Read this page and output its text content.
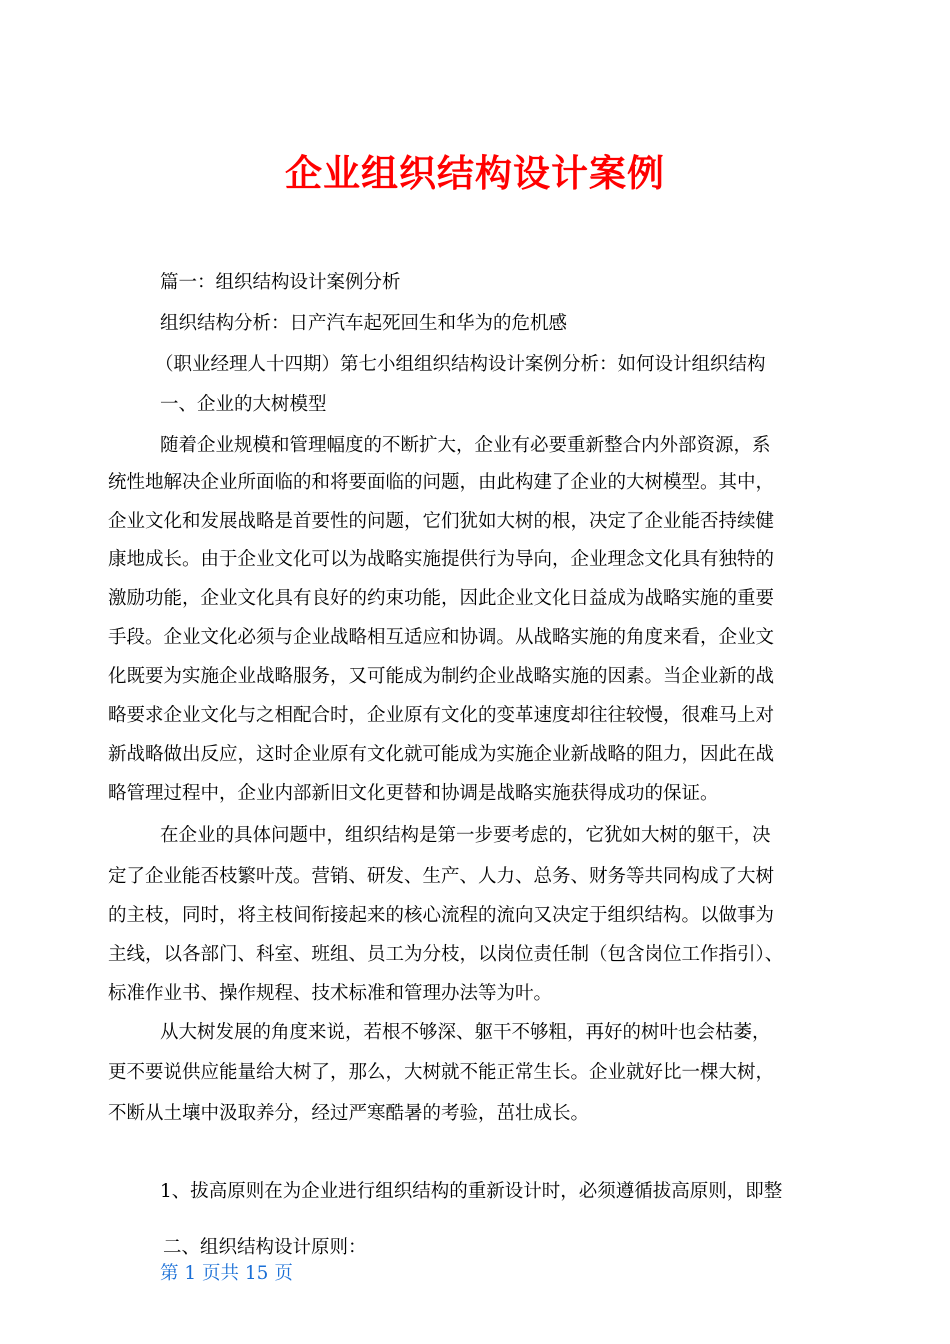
企业组织结构设计案例
篇一：组织结构设计案例分析
组织结构分析：日产汽车起死回生和华为的危机感
（职业经理人十四期）第七小组组织结构设计案例分析：如何设计组织结构
一、企业的大树模型
随着企业规模和管理幅度的不断扩大，企业有必要重新整合内外部资源，系
统性地解决企业所面临的和将要面临的问题，由此构建了企业的大树模型。其中，
企业文化和发展战略是首要性的问题，它们犹如大树的根，决定了企业能否持续健
康地成长。由于企业文化可以为战略实施提供行为导向，企业理念文化具有独特的
激励功能，企业文化具有良好的约束功能，因此企业文化日益成为战略实施的重要
手段。企业文化必须与企业战略相互适应和协调。从战略实施的角度来看，企业文
化既要为实施企业战略服务，又可能成为制约企业战略实施的因素。当企业新的战
略要求企业文化与之相配合时，企业原有文化的变革速度却往往较慢，很难马上对
新战略做出反应，这时企业原有文化就可能成为实施企业新战略的阻力，因此在战
略管理过程中，企业内部新旧文化更替和协调是战略实施获得成功的保证。
在企业的具体问题中，组织结构是第一步要考虑的，它犹如大树的躯干，决
定了企业能否枝繁叶茂。营销、研发、生产、人力、总务、财务等共同构成了大树
的主枝，同时，将主枝间衔接起来的核心流程的流向又决定于组织结构。以做事为
主线，以各部门、科室、班组、员工为分枝，以岗位责任制（包含岗位工作指引）、
标准作业书、操作规程、技术标准和管理办法等为叶。
从大树发展的角度来说，若根不够深、躯干不够粗，再好的树叶也会枯萎，
更不要说供应能量给大树了，那么，大树就不能正常生长。企业就好比一棵大树，
不断从土壤中汲取养分，经过严寒酷暑的考验，茁壮成长。
1、拔高原则在为企业进行组织结构的重新设计时，必须遵循拔高原则，即整
二、组织结构设计原则：
第 1 页共 15 页
